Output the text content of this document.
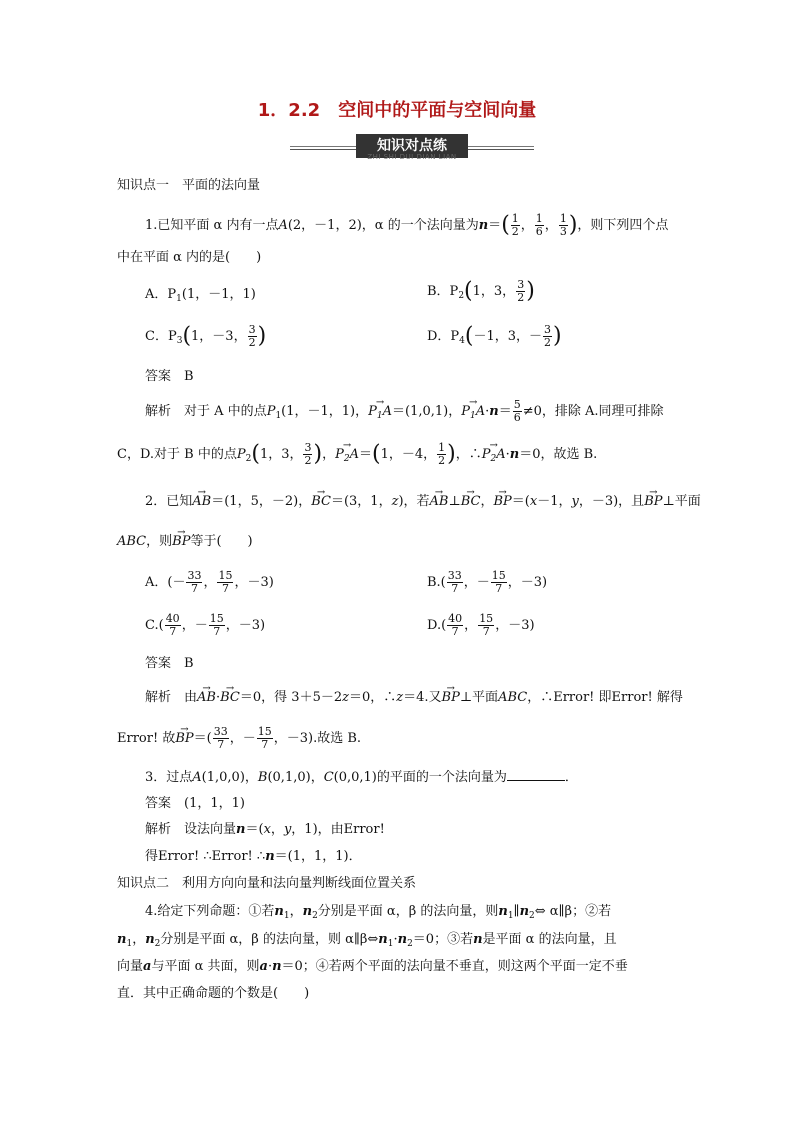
1．2.2　空间中的平面与空间向量
知识对点练
ZHI SHI DUI DIAN LIAN
知识点一　平面的法向量
1.已知平面 α 内有一点A(2，－1，2)，α 的一个法向量为$n=( \frac{1}{2}$ ， $\frac{1}{6}$ ， $\frac{1}{3}$ )，则下列四个点
中在平面 α 内的是(　　)
A．$P_1(1$，－1，1)	B．$P_2(1$，3， $\frac{3}{2}$ )
C．$P_3(1$，－3， $\frac{3}{2}$ )	D．$P_4(-1$，3，－ $\frac{3}{2}$ )
答案　 B
解析　 对于 A 中的点$P_1(1$，－1，1)，→ $P_1A=(1,0,1)$，→ $P_1A\cdot n= \frac{5}{6} \ne 0$，排除 A.同理可排除
C，D.对于 B 中的点$P_2(1$，3， $\frac{3}{2}$ )，→ $P_2A=(1$，－4， $\frac{1}{2}$ )，∴→ $P_2A\cdot n=0$，故选 B.
2．已知→ AB＝(1，5，－2)，→ BC＝(3，1，z)，若→ AB⊥→ BC，→ BP＝(x－1，y，－3)，且→ BP⊥平面
ABC，则→ BP等于(　　)
A．(－ $\frac{33}{7}$ ， $\frac{15}{7}$ ，－3)	$B.( \frac{33}{7}$ ，－ $\frac{15}{7}$ ，－3)
$C.( \frac{40}{7}$ ，－ $\frac{15}{7}$ ，－3)	$D.( \frac{40}{7}$ ， $\frac{15}{7}$ ，－3)
答案　 B
解析　 由→ AB·→ BC＝0，得 3＋5－2z＝0，∴z＝4.又→ BP⊥平面ABC，∴Error! 即Error! 解得
Error! 故→ $BP=( \frac{33}{7}$ ，－ $\frac{15}{7}$ ，－3).故选 B.
3．过点A(1,0,0)，B(0,1,0)，C(0,0,1)的平面的一个法向量为	．
答案　 (1，1，1)
解析　 设法向量n＝(x，y，1)，由Error!
得Error! ∴Error! ∴n＝(1，1，1)．
知识点二　利用方向向量和法向量判断线面位置关系
4.给定下列命题：①若$n_1$，$n_2$分别是平面 α，β 的法向量，则$n_1\parallel n_2\Leftrightarrow$ α∥β；②若
$n_1$，$n_2$分别是平面 α，β 的法向量，则 $\alpha\parallel\beta\Leftrightarrow n_1\cdot n_2=0$；③若n是平面 α 的法向量，且
向量a与平面 α 共面，则a·n＝0；④若两个平面的法向量不垂直，则这两个平面一定不垂
直．其中正确命题的个数是(　　)
